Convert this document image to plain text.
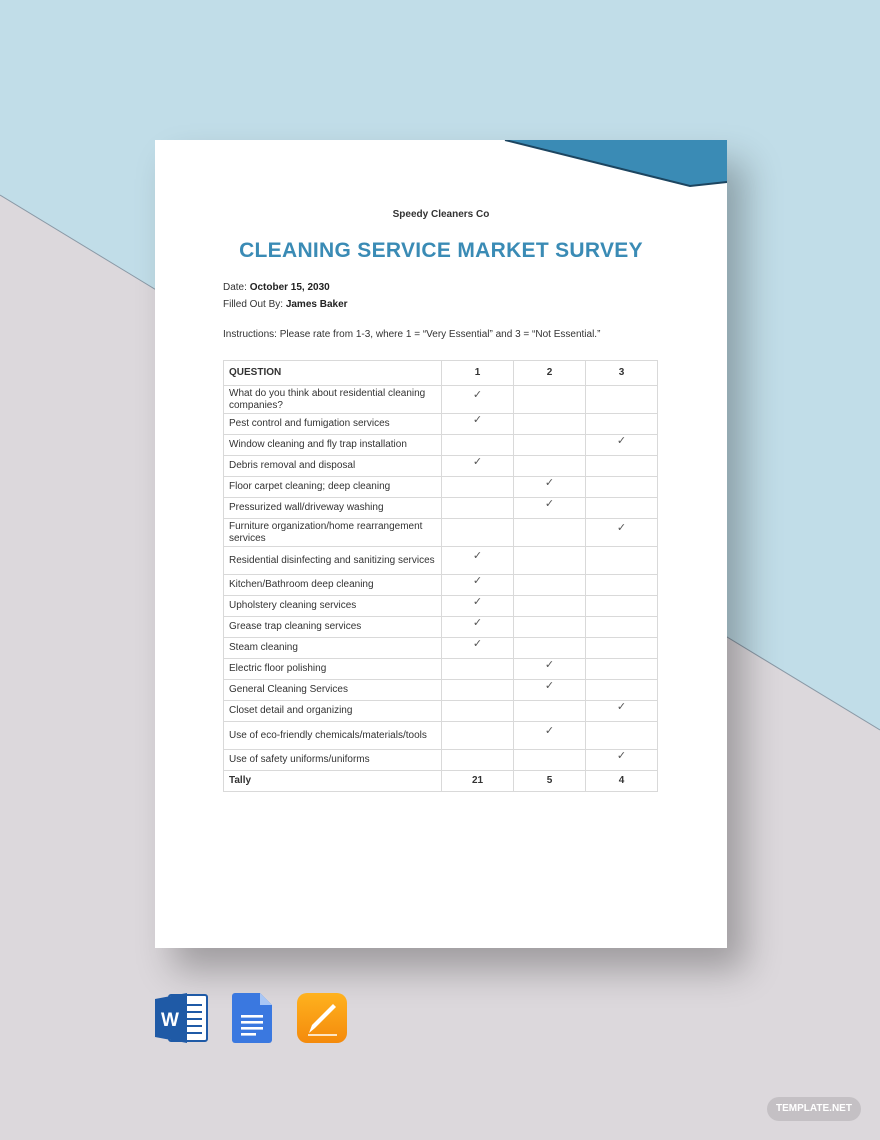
Speedy Cleaners Co
CLEANING SERVICE MARKET SURVEY
Date: October 15, 2030
Filled Out By: James Baker
Instructions: Please rate from 1-3, where 1 = “Very Essential” and 3 = “Not Essential.”
QUESTION	1	2	3
What do you think about residential cleaning companies?	✓		
Pest control and fumigation services	✓		
Window cleaning and fly trap installation			✓
Debris removal and disposal	✓		
Floor carpet cleaning; deep cleaning		✓	
Pressurized wall/driveway washing		✓	
Furniture organization/home rearrangement services			✓
Residential disinfecting and sanitizing services	✓		
Kitchen/Bathroom deep cleaning	✓		
Upholstery cleaning services	✓		
Grease trap cleaning services	✓		
Steam cleaning	✓		
Electric floor polishing		✓	
General Cleaning Services		✓	
Closet detail and organizing			✓
Use of eco-friendly chemicals/materials/tools		✓	
Use of safety uniforms/uniforms			✓
Tally	21	5	4
W
TEMPLATE.NET
